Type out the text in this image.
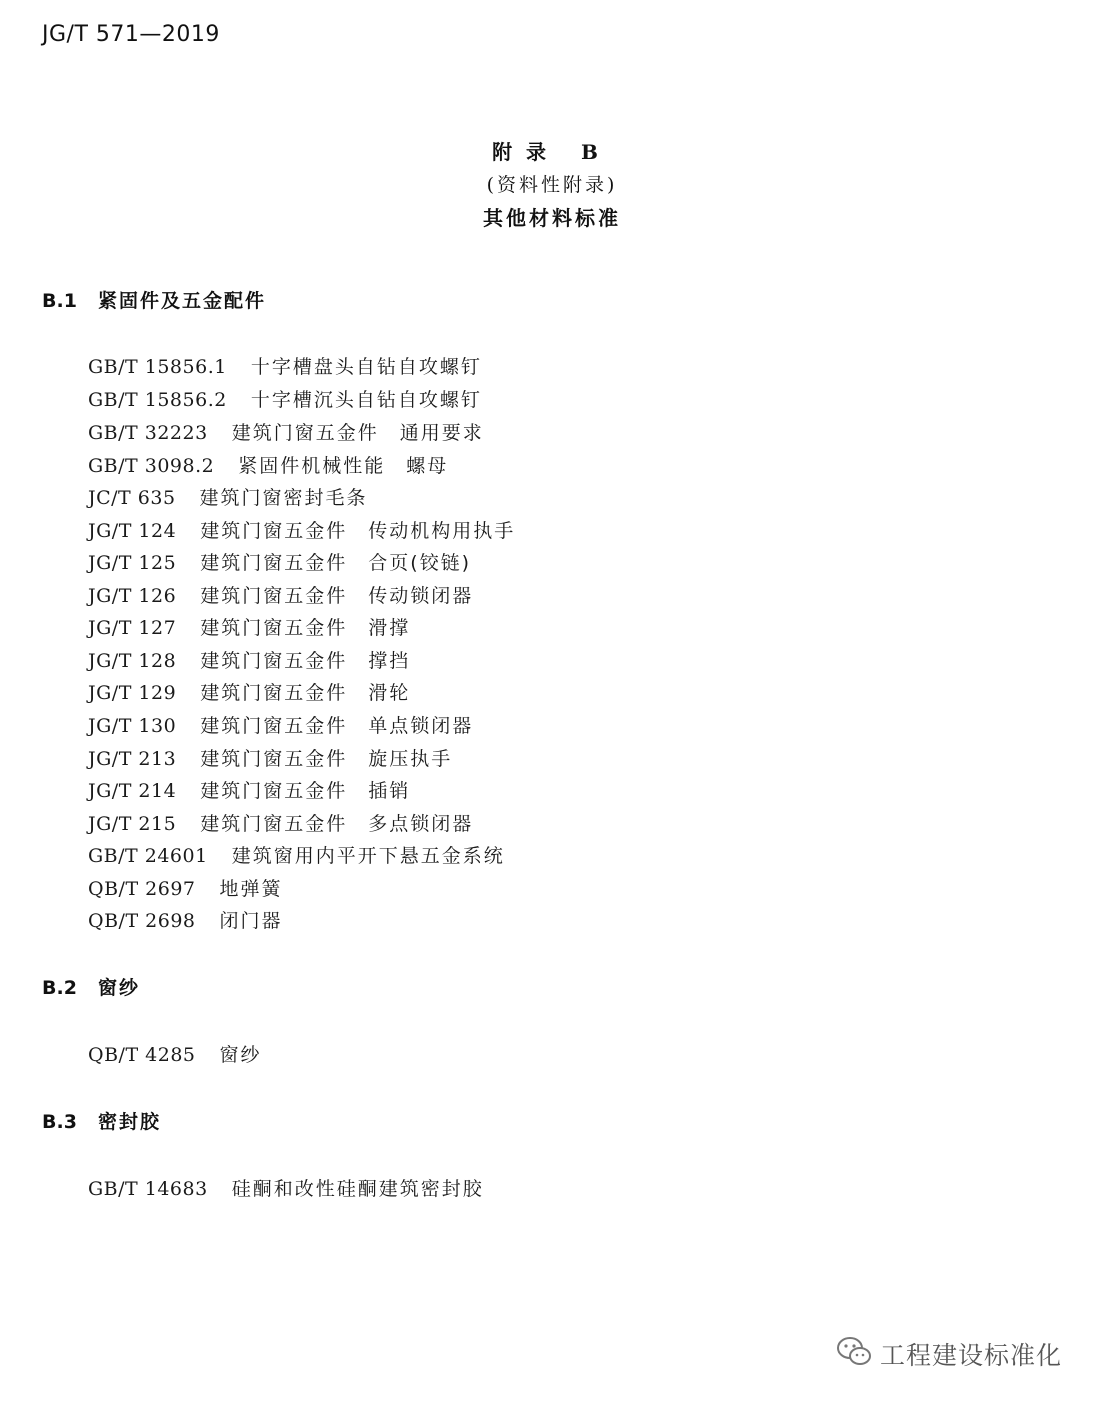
JG/T 571—2019
附录 B
(资料性附录)
其他材料标准
B.1 紧固件及五金配件
GB/T 15856.1 十字槽盘头自钻自攻螺钉
GB/T 15856.2 十字槽沉头自钻自攻螺钉
GB/T 32223 建筑门窗五金件　通用要求
GB/T 3098.2 紧固件机械性能　螺母
JC/T 635 建筑门窗密封毛条
JG/T 124 建筑门窗五金件　传动机构用执手
JG/T 125 建筑门窗五金件　合页(铰链)
JG/T 126 建筑门窗五金件　传动锁闭器
JG/T 127 建筑门窗五金件　滑撑
JG/T 128 建筑门窗五金件　撑挡
JG/T 129 建筑门窗五金件　滑轮
JG/T 130 建筑门窗五金件　单点锁闭器
JG/T 213 建筑门窗五金件　旋压执手
JG/T 214 建筑门窗五金件　插销
JG/T 215 建筑门窗五金件　多点锁闭器
GB/T 24601 建筑窗用内平开下悬五金系统
QB/T 2697 地弹簧
QB/T 2698 闭门器
B.2 窗纱
QB/T 4285 窗纱
B.3 密封胶
GB/T 14683 硅酮和改性硅酮建筑密封胶
工程建设标准化
